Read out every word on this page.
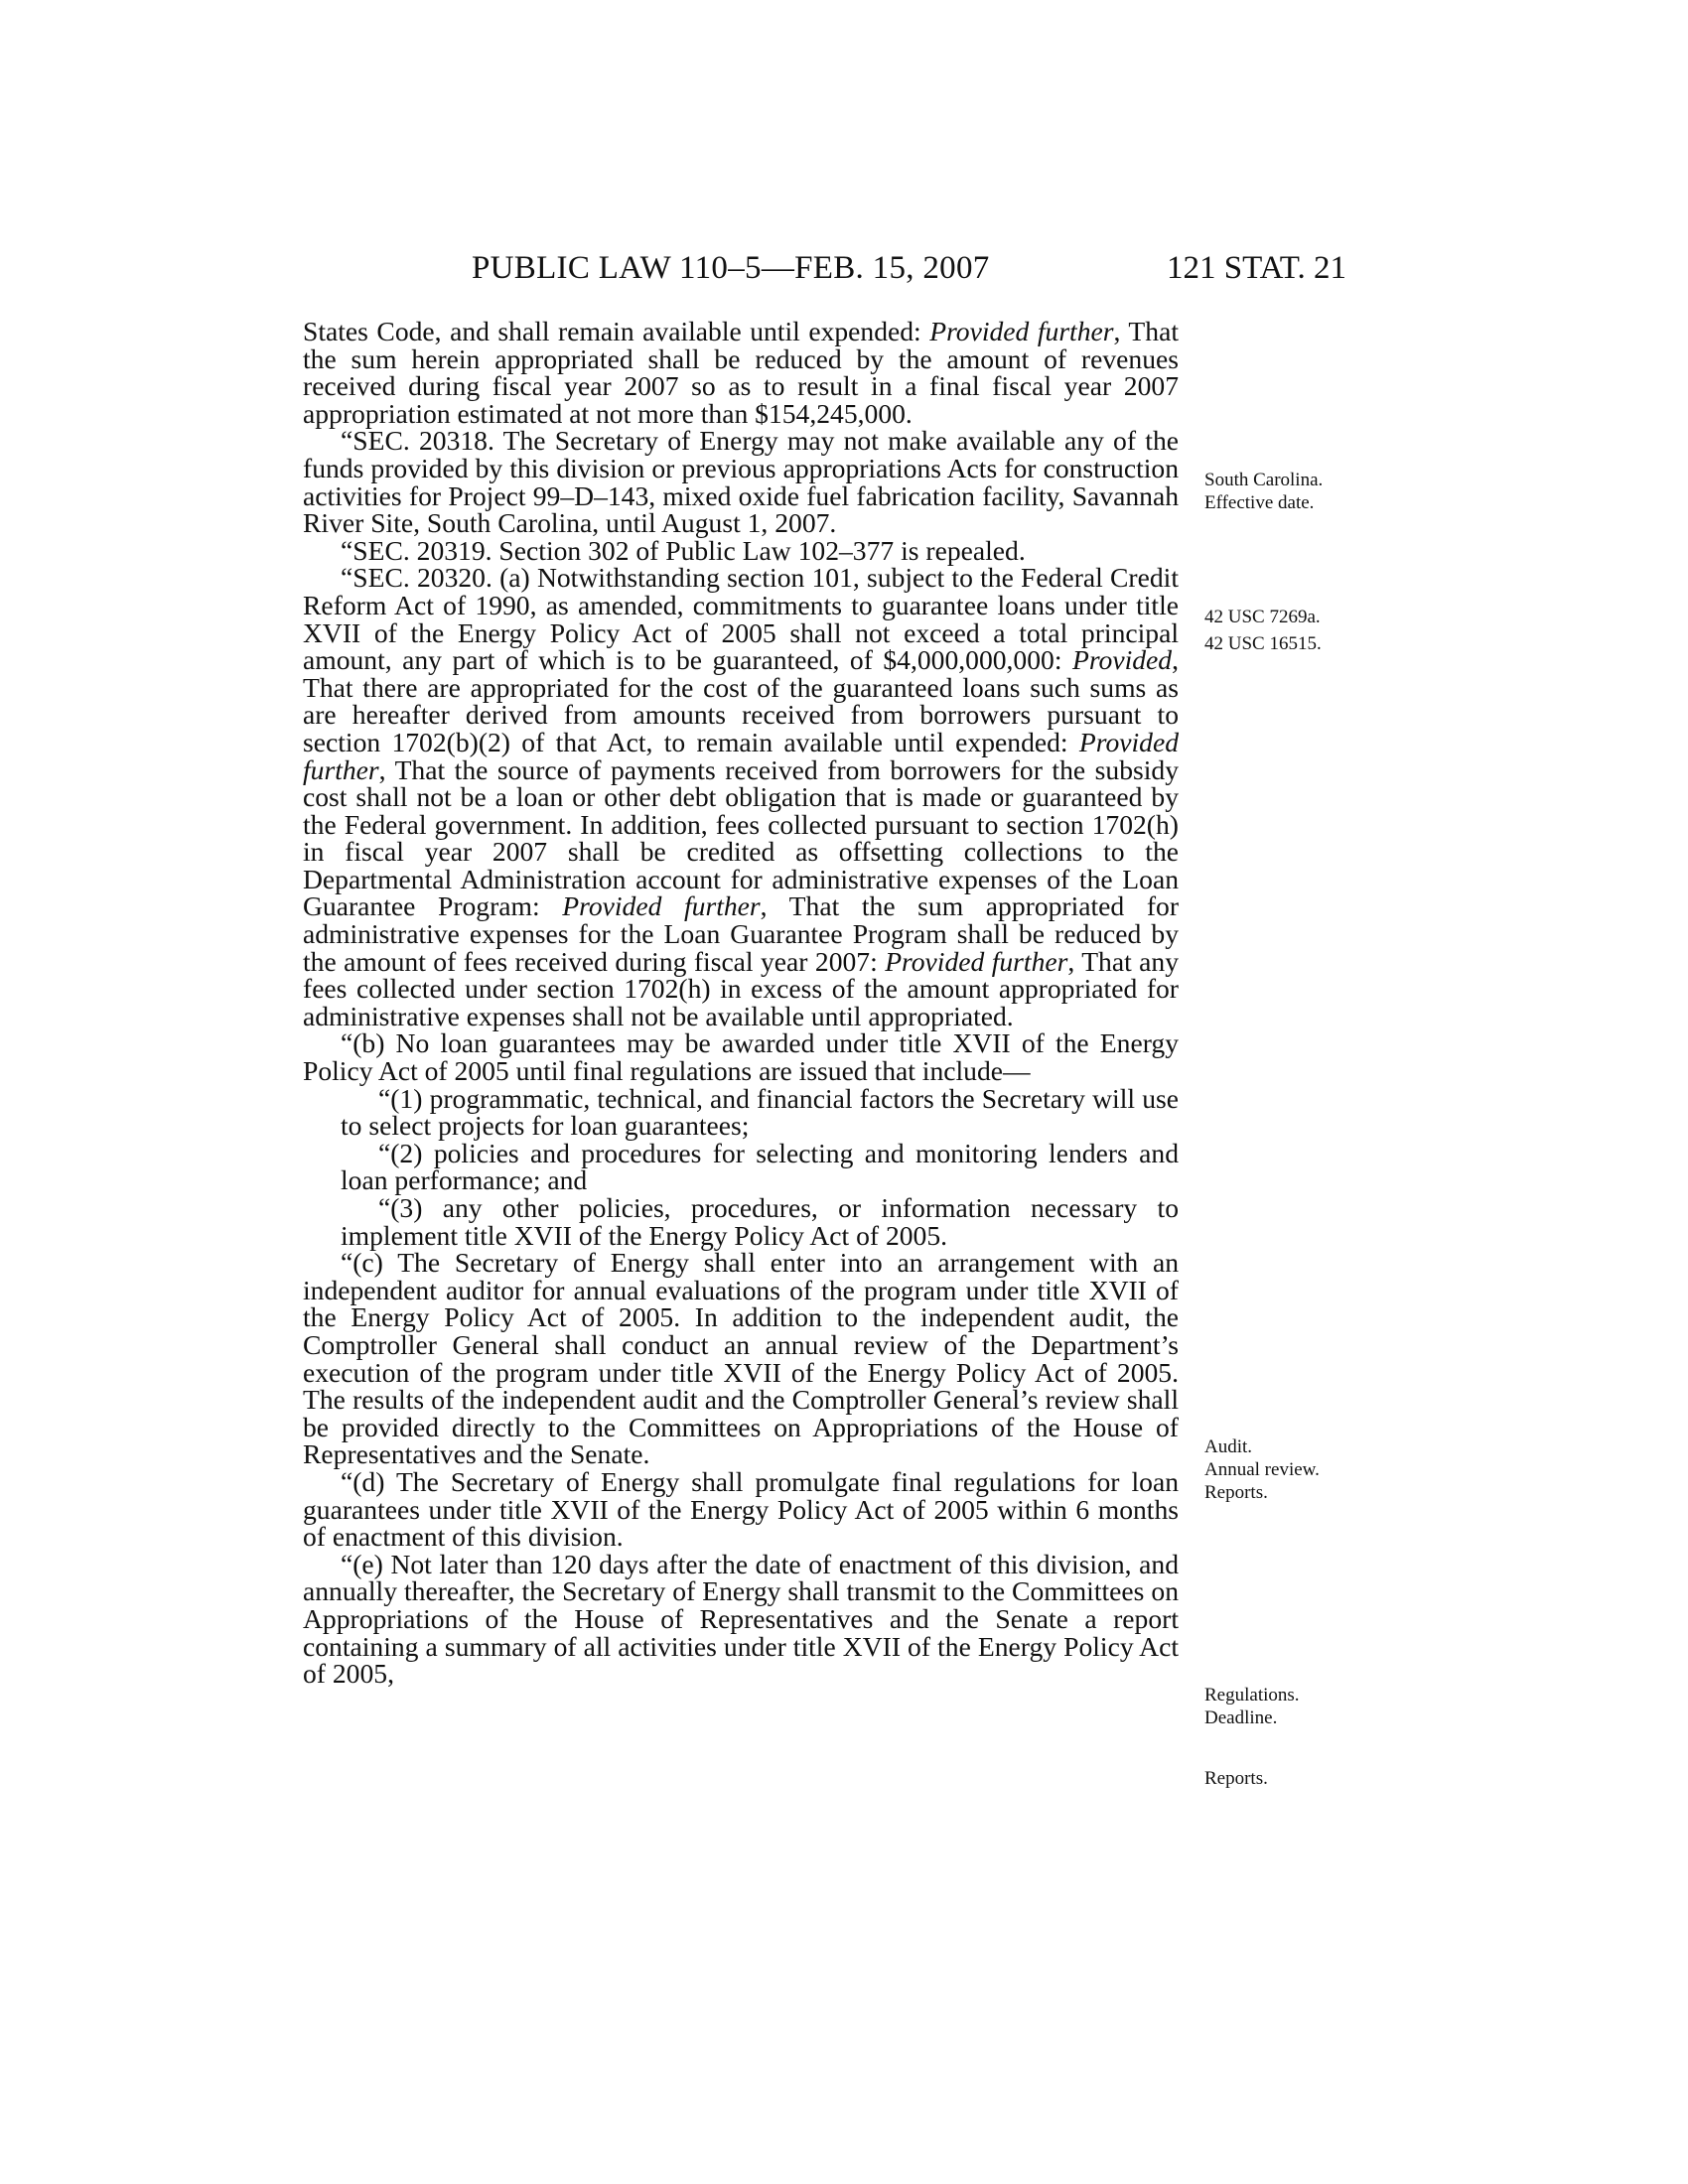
PUBLIC LAW 110–5—FEB. 15, 2007	121 STAT. 21

States Code, and shall remain available until expended: Provided further, That the sum herein appropriated shall be reduced by the amount of revenues received during fiscal year 2007 so as to result in a final fiscal year 2007 appropriation estimated at not more than $154,245,000.

“SEC. 20318. The Secretary of Energy may not make available any of the funds provided by this division or previous appropriations Acts for construction activities for Project 99–D–143, mixed oxide fuel fabrication facility, Savannah River Site, South Carolina, until August 1, 2007.

“SEC. 20319. Section 302 of Public Law 102–377 is repealed.

“SEC. 20320. (a) Notwithstanding section 101, subject to the Federal Credit Reform Act of 1990, as amended, commitments to guarantee loans under title XVII of the Energy Policy Act of 2005 shall not exceed a total principal amount, any part of which is to be guaranteed, of $4,000,000,000: Provided, That there are appropriated for the cost of the guaranteed loans such sums as are hereafter derived from amounts received from borrowers pursuant to section 1702(b)(2) of that Act, to remain available until expended: Provided further, That the source of payments received from borrowers for the subsidy cost shall not be a loan or other debt obligation that is made or guaranteed by the Federal government. In addition, fees collected pursuant to section 1702(h) in fiscal year 2007 shall be credited as offsetting collections to the Departmental Administration account for administrative expenses of the Loan Guarantee Program: Provided further, That the sum appropriated for administrative expenses for the Loan Guarantee Program shall be reduced by the amount of fees received during fiscal year 2007: Provided further, That any fees collected under section 1702(h) in excess of the amount appropriated for administrative expenses shall not be available until appropriated.

“(b) No loan guarantees may be awarded under title XVII of the Energy Policy Act of 2005 until final regulations are issued that include—

“(1) programmatic, technical, and financial factors the Secretary will use to select projects for loan guarantees;

“(2) policies and procedures for selecting and monitoring lenders and loan performance; and

“(3) any other policies, procedures, or information necessary to implement title XVII of the Energy Policy Act of 2005.

“(c) The Secretary of Energy shall enter into an arrangement with an independent auditor for annual evaluations of the program under title XVII of the Energy Policy Act of 2005. In addition to the independent audit, the Comptroller General shall conduct an annual review of the Department’s execution of the program under title XVII of the Energy Policy Act of 2005. The results of the independent audit and the Comptroller General’s review shall be provided directly to the Committees on Appropriations of the House of Representatives and the Senate.

“(d) The Secretary of Energy shall promulgate final regulations for loan guarantees under title XVII of the Energy Policy Act of 2005 within 6 months of enactment of this division.

“(e) Not later than 120 days after the date of enactment of this division, and annually thereafter, the Secretary of Energy shall transmit to the Committees on Appropriations of the House of Representatives and the Senate a report containing a summary of all activities under title XVII of the Energy Policy Act of 2005,

South Carolina.
Effective date.
42 USC 7269a.
42 USC 16515.
Audit.
Annual review.
Reports.
Regulations.
Deadline.
Reports.
